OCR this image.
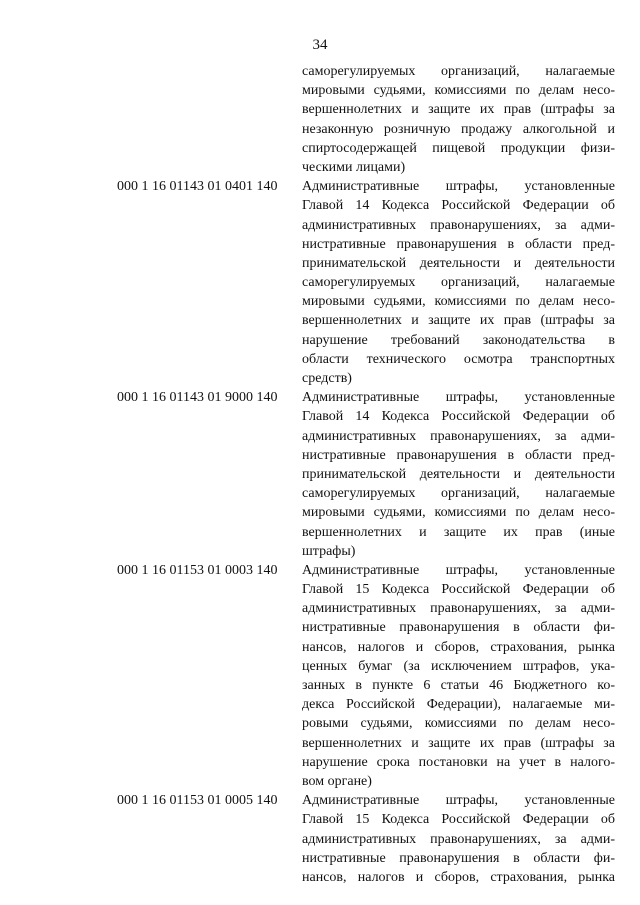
34
саморегулируемых организаций, налагаемые
мировыми судьями, комиссиями по делам несо-
вершеннолетних и защите их прав (штрафы за
незаконную розничную продажу алкогольной и
спиртосодержащей пищевой продукции физи-
ческими лицами)
000 1 16 01143 01 0401 140 Административные штрафы, установленные
Главой 14 Кодекса Российской Федерации об
административных правонарушениях, за адми-
нистративные правонарушения в области пред-
принимательской деятельности и деятельности
саморегулируемых организаций, налагаемые
мировыми судьями, комиссиями по делам несо-
вершеннолетних и защите их прав (штрафы за
нарушение требований законодательства в
области технического осмотра транспортных
средств)
000 1 16 01143 01 9000 140 Административные штрафы, установленные
Главой 14 Кодекса Российской Федерации об
административных правонарушениях, за адми-
нистративные правонарушения в области пред-
принимательской деятельности и деятельности
саморегулируемых организаций, налагаемые
мировыми судьями, комиссиями по делам несо-
вершеннолетних и защите их прав (иные
штрафы)
000 1 16 01153 01 0003 140 Административные штрафы, установленные
Главой 15 Кодекса Российской Федерации об
административных правонарушениях, за адми-
нистративные правонарушения в области фи-
нансов, налогов и сборов, страхования, рынка
ценных бумаг (за исключением штрафов, ука-
занных в пункте 6 статьи 46 Бюджетного ко-
декса Российской Федерации), налагаемые ми-
ровыми судьями, комиссиями по делам несо-
вершеннолетних и защите их прав (штрафы за
нарушение срока постановки на учет в налого-
вом органе)
000 1 16 01153 01 0005 140 Административные штрафы, установленные
Главой 15 Кодекса Российской Федерации об
административных правонарушениях, за адми-
нистративные правонарушения в области фи-
нансов, налогов и сборов, страхования, рынка
